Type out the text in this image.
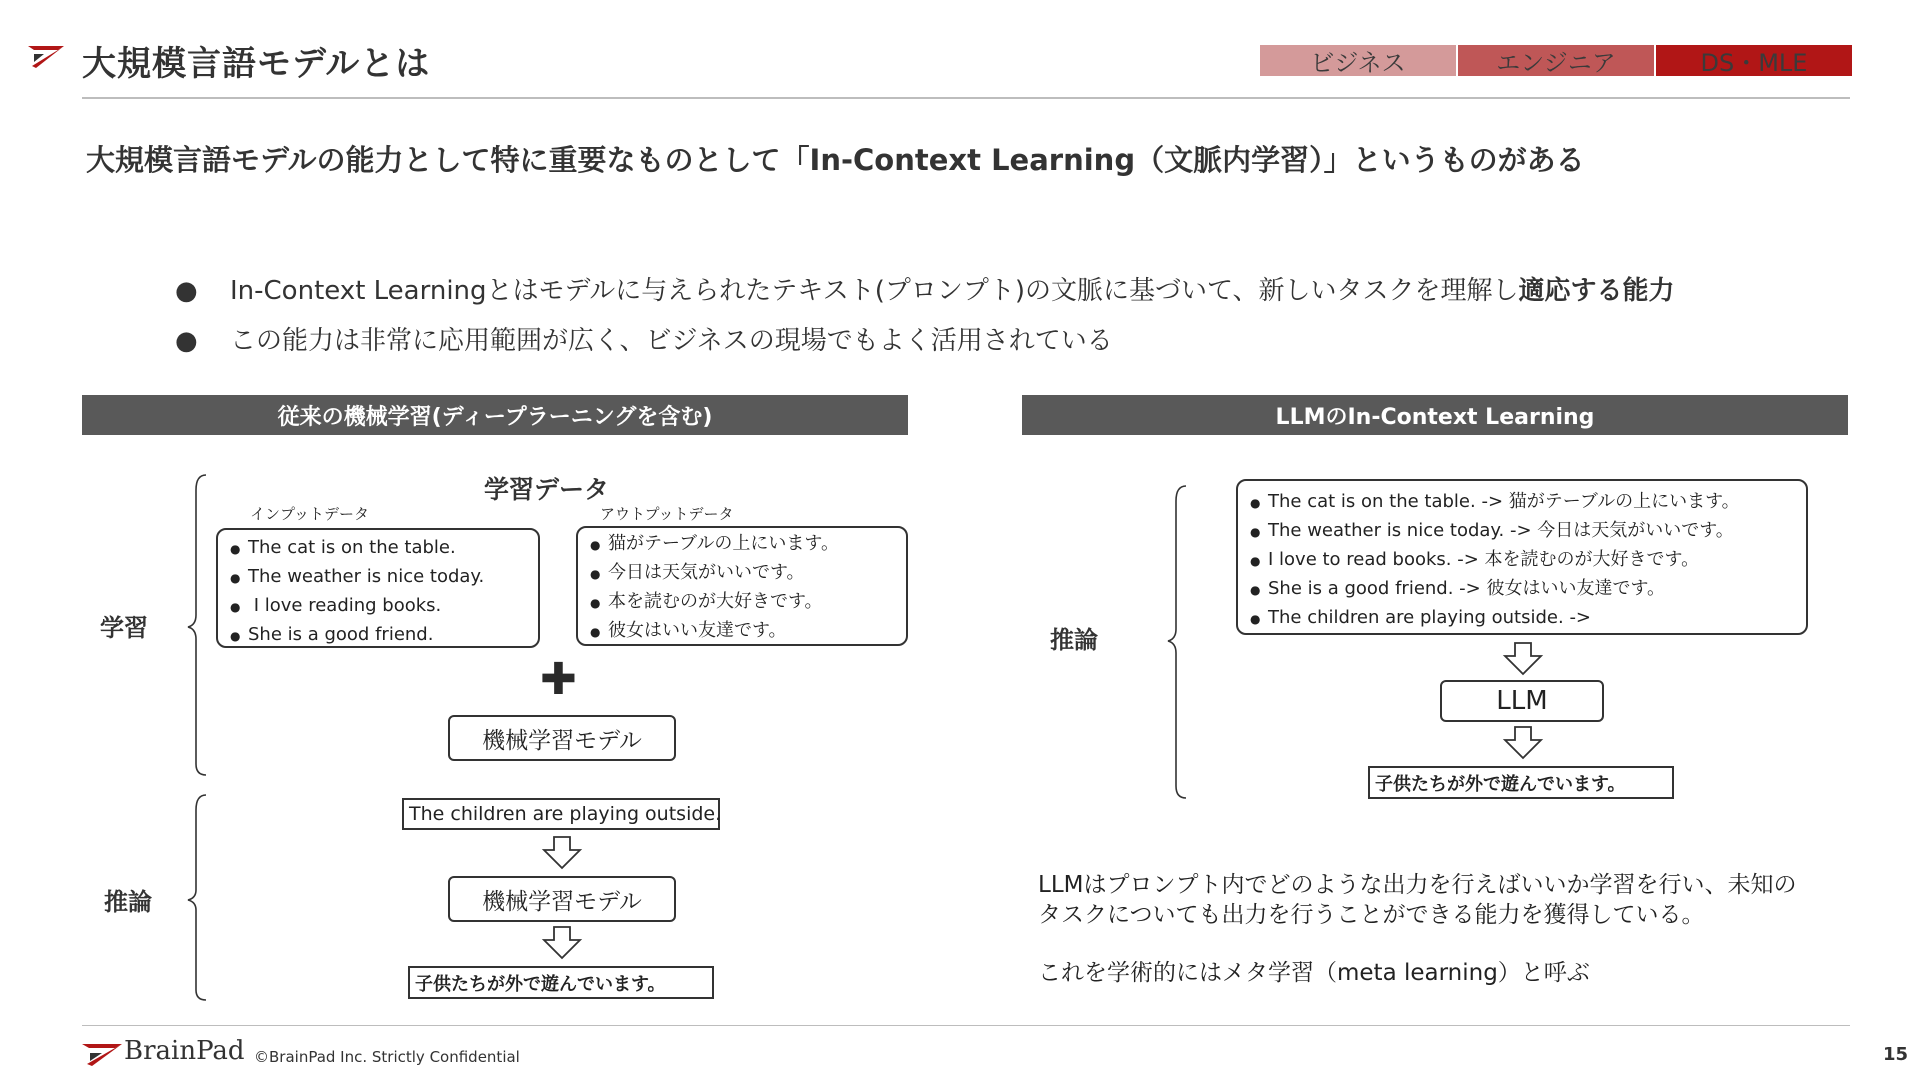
大規模言語モデルとは	ビジネス	エンジニア	DS・MLE
大規模言語モデルの能力として特に重要なものとして「In-Context Learning（文脈内学習）」というものがある
● In-Context Learningとはモデルに与えられたテキスト(プロンプト)の文脈に基づいて、新しいタスクを理解し適応する能力
● この能力は非常に応用範囲が広く、ビジネスの現場でもよく活用されている
従来の機械学習(ディープラーニングを含む)
学習
推論
学習データ
インプットデータ	アウトプットデータ
● The cat is on the table.
● The weather is nice today.
● I love reading books.
● She is a good friend.
● 猫がテーブルの上にいます。
● 今日は天気がいいです。
● 本を読むのが大好きです。
● 彼女はいい友達です。
✚
機械学習モデル
The children are playing outside.
機械学習モデル
子供たちが外で遊んでいます。
LLMのIn-Context Learning
推論
● The cat is on the table. -> 猫がテーブルの上にいます。
● The weather is nice today. -> 今日は天気がいいです。
● I love to read books. -> 本を読むのが大好きです。
● She is a good friend. -> 彼女はいい友達です。
● The children are playing outside. ->
LLM
子供たちが外で遊んでいます。
LLMはプロンプト内でどのような出力を行えばいいか学習を行い、未知の
タスクについても出力を行うことができる能力を獲得している。
これを学術的にはメタ学習（meta learning）と呼ぶ
BrainPad ©BrainPad Inc. Strictly Confidential	15
